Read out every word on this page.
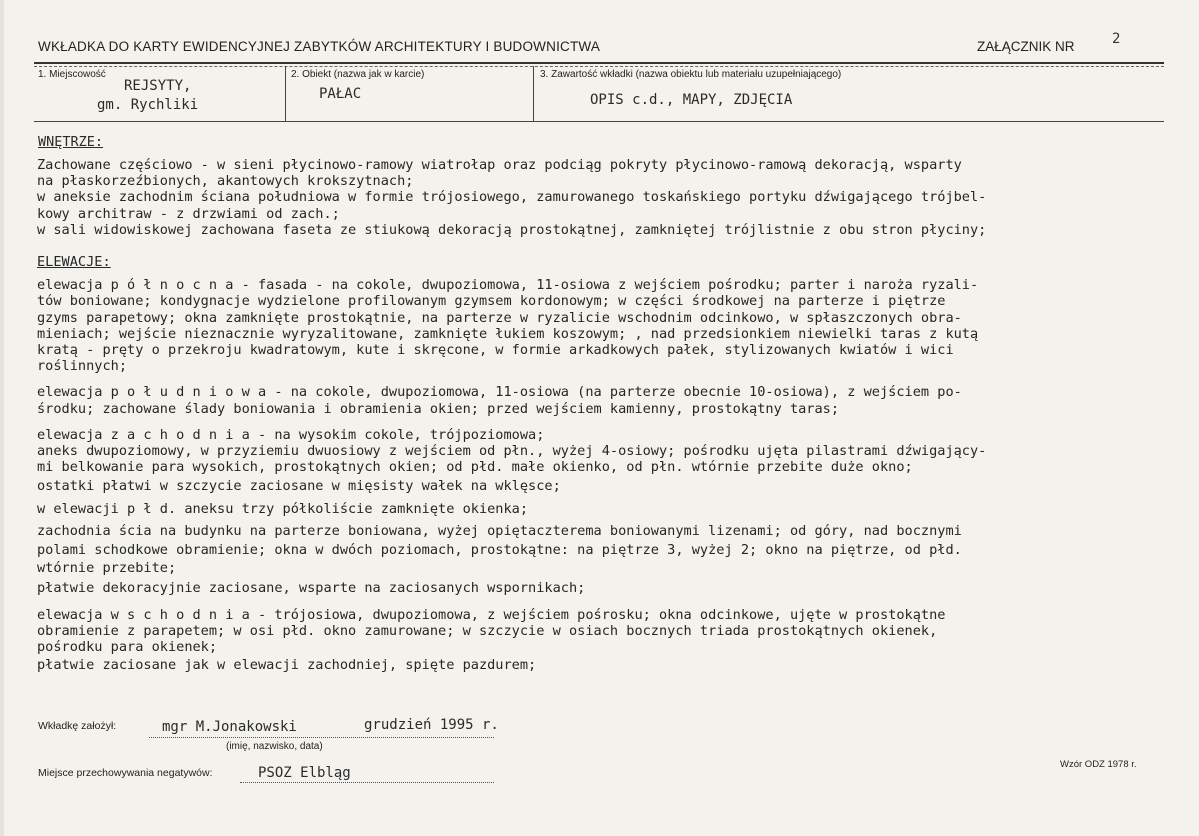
WKŁADKA DO KARTY EWIDENCYJNEJ ZABYTKÓW ARCHITEKTURY I BUDOWNICTWA	ZAŁĄCZNIK NR	2
1. Miejscowość
REJSYTY,
gm. Rychliki
2. Obiekt (nazwa jak w karcie)
PAŁAC
3. Zawartość wkładki (nazwa obiektu lub materiału uzupełniającego)
OPIS c.d., MAPY, ZDJĘCIA
WNĘTRZE:

Zachowane częściowo - w sieni płycinowo-ramowy wiatrołap oraz podciąg pokryty płycinowo-ramową dekoracją, wsparty

na płaskorzeźbionych, akantowych krokszytnach;

w aneksie zachodnim ściana południowa w formie trójosiowego, zamurowanego toskańskiego portyku dźwigającego trójbel-

kowy architraw - z drzwiami od zach.;

w sali widowiskowej zachowana faseta ze stiukową dekoracją prostokątnej, zamkniętej trójlistnie z obu stron płyciny;

ELEWACJE:

elewacja p ó ł n o c n a - fasada - na cokole, dwupoziomowa, 11-osiowa z wejściem pośrodku; parter i naroża ryzali-

tów boniowane; kondygnacje wydzielone profilowanym gzymsem kordonowym; w części środkowej na parterze i piętrze

gzyms parapetowy; okna zamknięte prostokątnie, na parterze w ryzalicie wschodnim odcinkowo, w spłaszczonych obra-

mieniach; wejście nieznacznie wyryzalitowane, zamknięte łukiem koszowym; , nad przedsionkiem niewielki taras z kutą

kratą - pręty o przekroju kwadratowym, kute i skręcone, w formie arkadkowych pałek, stylizowanych kwiatów i wici

roślinnych;

elewacja p o ł u d n i o w a - na cokole, dwupoziomowa, 11-osiowa (na parterze obecnie 10-osiowa), z wejściem po-

środku; zachowane ślady boniowania i obramienia okien; przed wejściem kamienny, prostokątny taras;

elewacja z a c h o d n i a - na wysokim cokole, trójpoziomowa;

aneks dwupoziomowy, w przyziemiu dwuosiowy z wejściem od płn., wyżej 4-osiowy; pośrodku ujęta pilastrami dźwigający-

mi belkowanie para wysokich, prostokątnych okien; od płd. małe okienko, od płn. wtórnie przebite duże okno;

ostatki płatwi w szczycie zaciosane w mięsisty wałek na wklęsce;

w elewacji p ł d. aneksu trzy półkoliście zamknięte okienka;

zachodnia ścia na budynku na parterze boniowana, wyżej opiętaczterema boniowanymi lizenami; od góry, nad bocznymi

polami schodkowe obramienie; okna w dwóch poziomach, prostokątne: na piętrze 3, wyżej 2; okno na piętrze, od płd.

wtórnie przebite;

płatwie dekoracyjnie zaciosane, wsparte na zaciosanych wspornikach;

elewacja w s c h o d n i a - trójosiowa, dwupoziomowa, z wejściem pośrosku; okna odcinkowe, ujęte w prostokątne

obramienie z parapetem; w osi płd. okno zamurowane; w szczycie w osiach bocznych triada prostokątnych okienek,

pośrodku para okienek;

płatwie zaciosane jak w elewacji zachodniej, spięte pazdurem;

Wkładkę założył:	mgr M.Jonakowski	grudzień 1995 r.
(imię, nazwisko, data)
Miejsce przechowywania negatywów:	PSOZ Elbląg
Wzór ODZ 1978 r.
